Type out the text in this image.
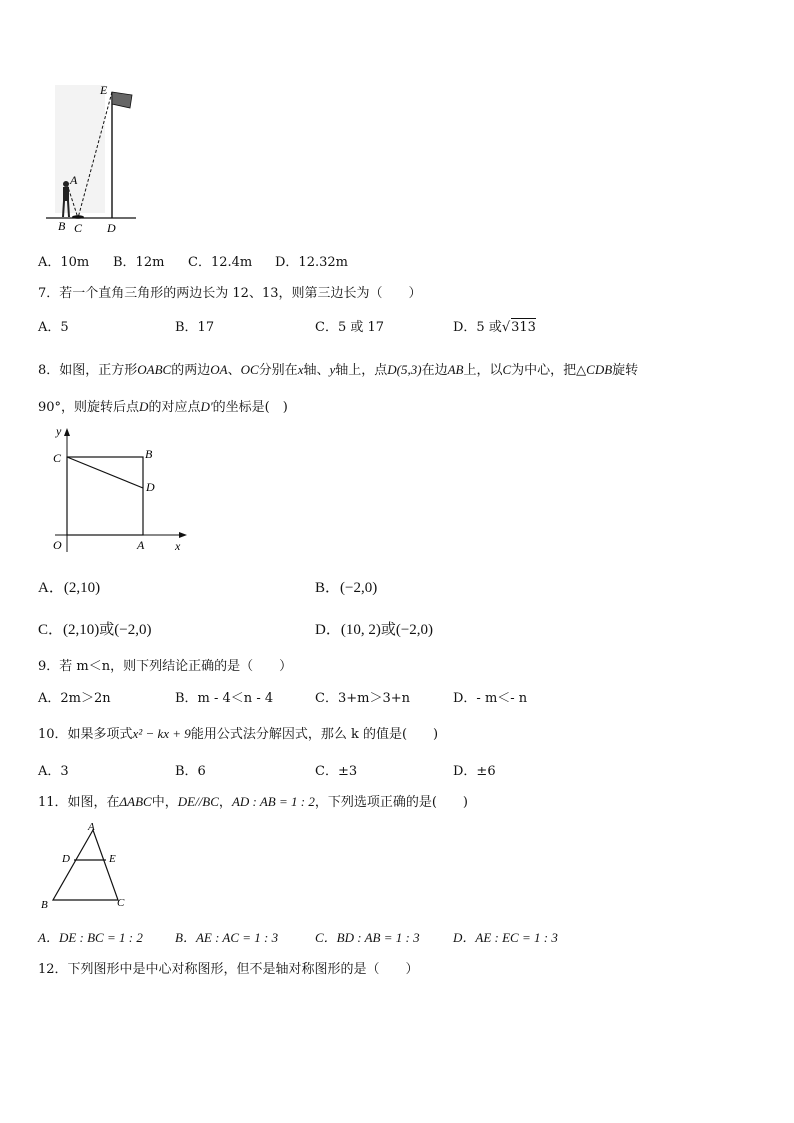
E
A
B C D
A．10m B．12m C．12.4m D．12.32m
7．若一个直角三角形的两边长为 12、13，则第三边长为（　　）
A．5	B．17	C．5 或 17	D．5 或√313
8．如图，正方形OABC的两边OA、OC分别在x轴、y轴上，点D(5,3)在边AB上，以C为中心，把△CDB旋转
90°，则旋转后点D的对应点D'的坐标是(　)
y
C	B
D
O	A	x
A．(2,10)	B．(−2,0)
C．(2,10)或(−2,0)	D．(10, 2)或(−2,0)
9．若 m＜n，则下列结论正确的是（　　）
A．2m＞2n	B．m - 4＜n - 4	C．3+m＞3+n	D．- m＜- n
10．如果多项式x² − kx + 9能用公式法分解因式，那么 k 的值是(　　)
A．3	B．6	C．±3	D．±6
11．如图，在ΔABC中，DE//BC，AD : AB = 1 : 2，下列选项正确的是(　　)
A
D	E
B	C
A．DE : BC = 1 : 2 B．AE : AC = 1 : 3	C．BD : AB = 1 : 3	D．AE : EC = 1 : 3
12．下列图形中是中心对称图形，但不是轴对称图形的是（　　）
